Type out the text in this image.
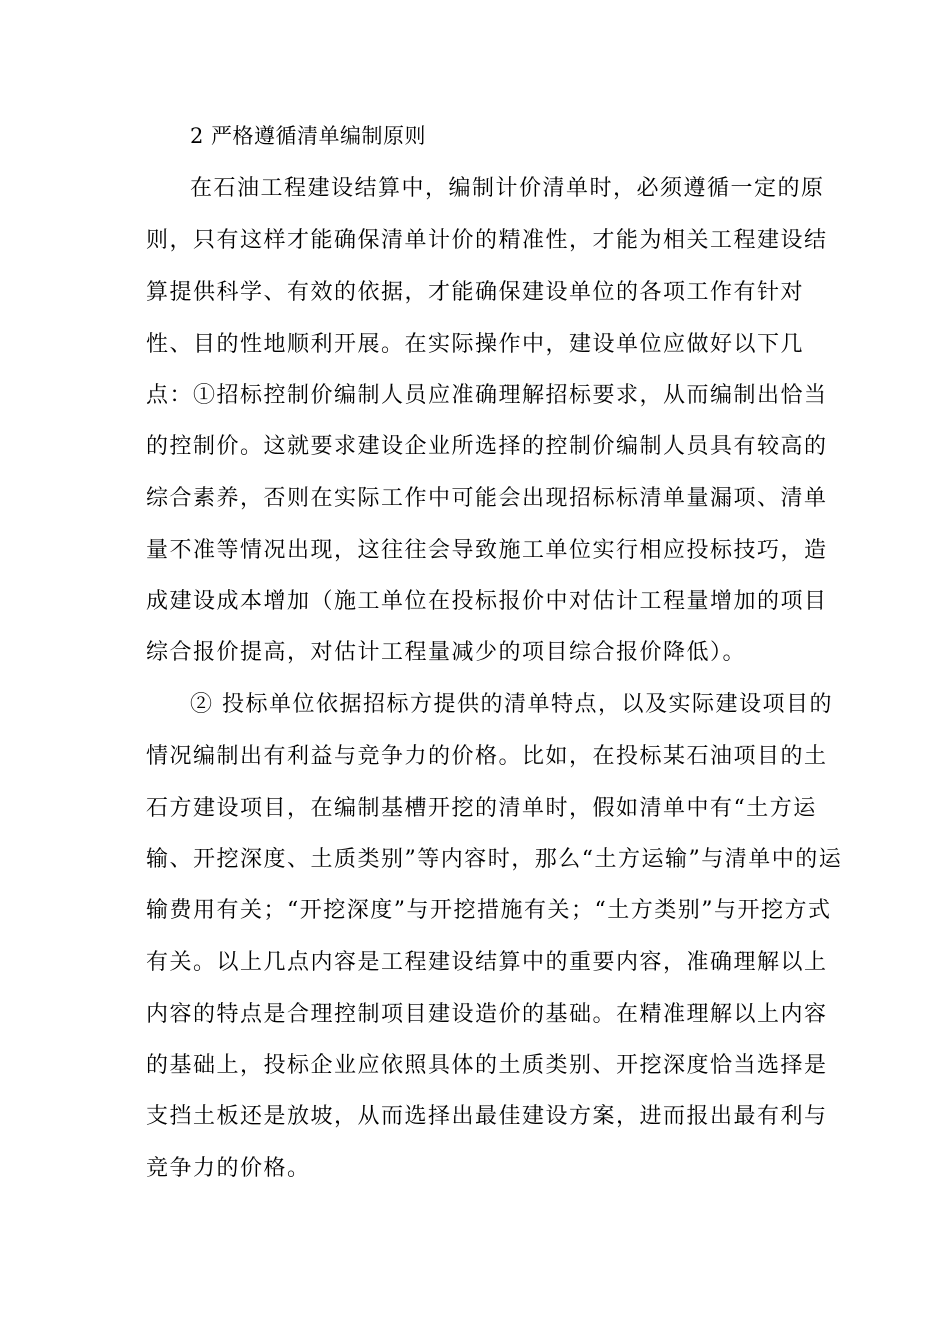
2 严格遵循清单编制原则
在石油工程建设结算中，编制计价清单时，必须遵循一定的原
则，只有这样才能确保清单计价的精准性，才能为相关工程建设结
算提供科学、有效的依据，才能确保建设单位的各项工作有针对
性、目的性地顺利开展。在实际操作中，建设单位应做好以下几
点：①招标控制价编制人员应准确理解招标要求，从而编制出恰当
的控制价。这就要求建设企业所选择的控制价编制人员具有较高的
综合素养，否则在实际工作中可能会出现招标标清单量漏项、清单
量不准等情况出现，这往往会导致施工单位实行相应投标技巧，造
成建设成本增加（施工单位在投标报价中对估计工程量增加的项目
综合报价提高，对估计工程量减少的项目综合报价降低）。
② 投标单位依据招标方提供的清单特点，以及实际建设项目的
情况编制出有利益与竞争力的价格。比如，在投标某石油项目的土
石方建设项目，在编制基槽开挖的清单时，假如清单中有“土方运
输、开挖深度、土质类别”等内容时，那么“土方运输”与清单中的运
输费用有关；“开挖深度”与开挖措施有关；“土方类别”与开挖方式
有关。以上几点内容是工程建设结算中的重要内容，准确理解以上
内容的特点是合理控制项目建设造价的基础。在精准理解以上内容
的基础上，投标企业应依照具体的土质类别、开挖深度恰当选择是
支挡土板还是放坡，从而选择出最佳建设方案，进而报出最有利与
竞争力的价格。
